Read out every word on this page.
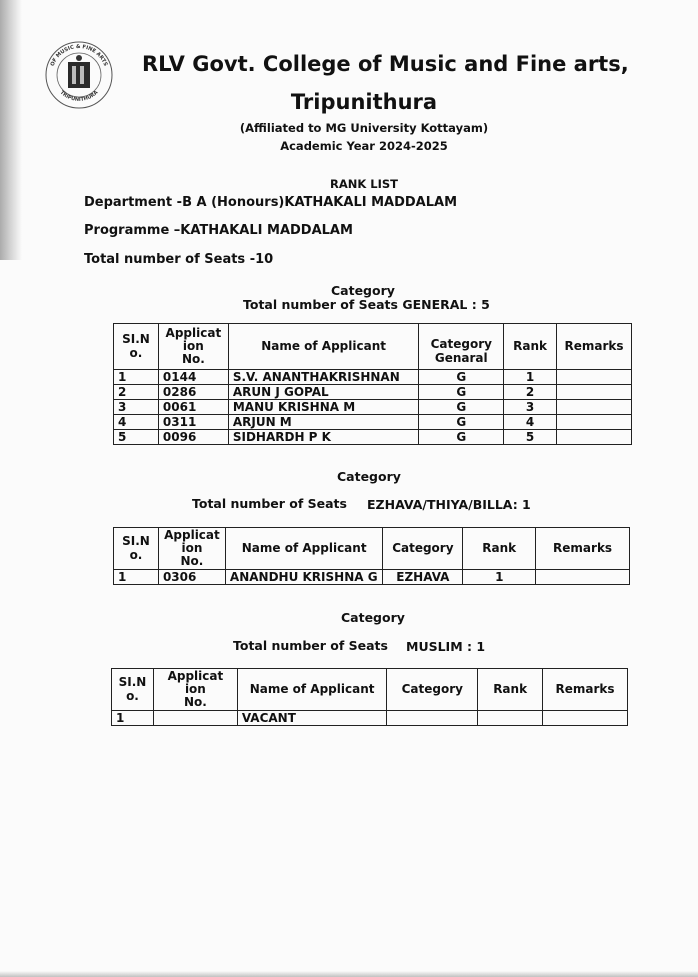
OF MUSIC & FINE ARTS
TRIPUNITHURA
RLV Govt. College of Music and Fine arts,
Tripunithura
(Affiliated to MG University Kottayam)
Academic Year 2024-2025
RANK LIST
Department -B A (Honours)KATHAKALI MADDALAM
Programme –KATHAKALI MADDALAM
Total number of Seats -10
Category
Total number of Seats GENERAL : 5
SI.N
o.	Applicat
ion
No.	Name of Applicant	Category
Genaral	Rank	Remarks
1	0144	S.V. ANANTHAKRISHNAN	G	1	
2	0286	ARUN J GOPAL	G	2	
3	0061	MANU KRISHNA M	G	3	
4	0311	ARJUN M	G	4	
5	0096	SIDHARDH P K	G	5	
Category
Total number of Seats EZHAVA/THIYA/BILLA: 1
SI.N
o.	Applicat
ion
No.	Name of Applicant	Category	Rank	Remarks
1	0306	ANANDHU KRISHNA G	EZHAVA	1	
Category
Total number of Seats MUSLIM : 1
SI.N
o.	Applicat
ion
No.	Name of Applicant	Category	Rank	Remarks
1		VACANT			
